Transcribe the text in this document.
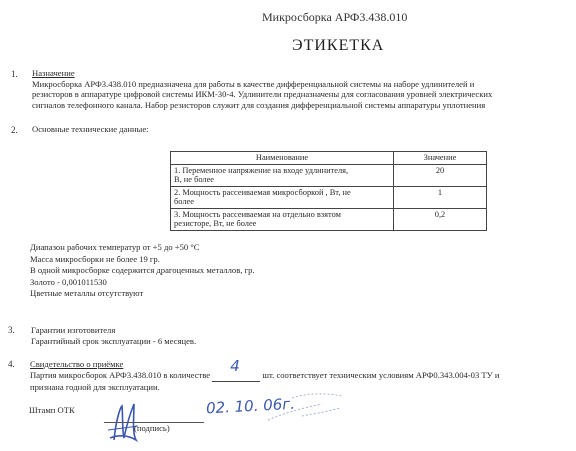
Микросборка АРФ3.438.010
ЭТИКЕТКА
1. Назначение
Микросборка АРФ3.438.010 предназначена для работы в качестве дифференциальной системы на наборе удлинителей и
резисторов в аппаратуре цифровой системы ИКМ-30-4. Удлинители предназначены для согласования уровней электрических
сигналов телефонного канала. Набор резисторов служит для создания дифференциальной системы аппаратуры уплотнения
2. Основные технические данные:
Наименование	Значение

1. Переменное напряжение на входе удлинителя,
В, не более	20

2. Мощность рассеиваемая микросборкой , Вт, не
более	1

3. Мощность рассеиваемая на отдельно взятом
резисторе, Вт, не более	0,2
Диапазон рабочих температур от +5 до +50 °С
Масса микросборки не более 19 гр.
В одной микросборке содержится драгоценных металлов, гр.
Золото - 0,001011530
Цветные металлы отсутствуют
3. Гарантии изготовителя
Гарантийный срок эксплуатации - 6 месяцев.
4. Свидетельство о приёмке
Партия микросборок АРФ3.438.010 в количестве 4	шт. соответствует техническим условиям АРФ0.343.004-03 ТУ и
признана годной для эксплуатации.
Штамп ОТК
(подпись)
02. 10. 06г.
